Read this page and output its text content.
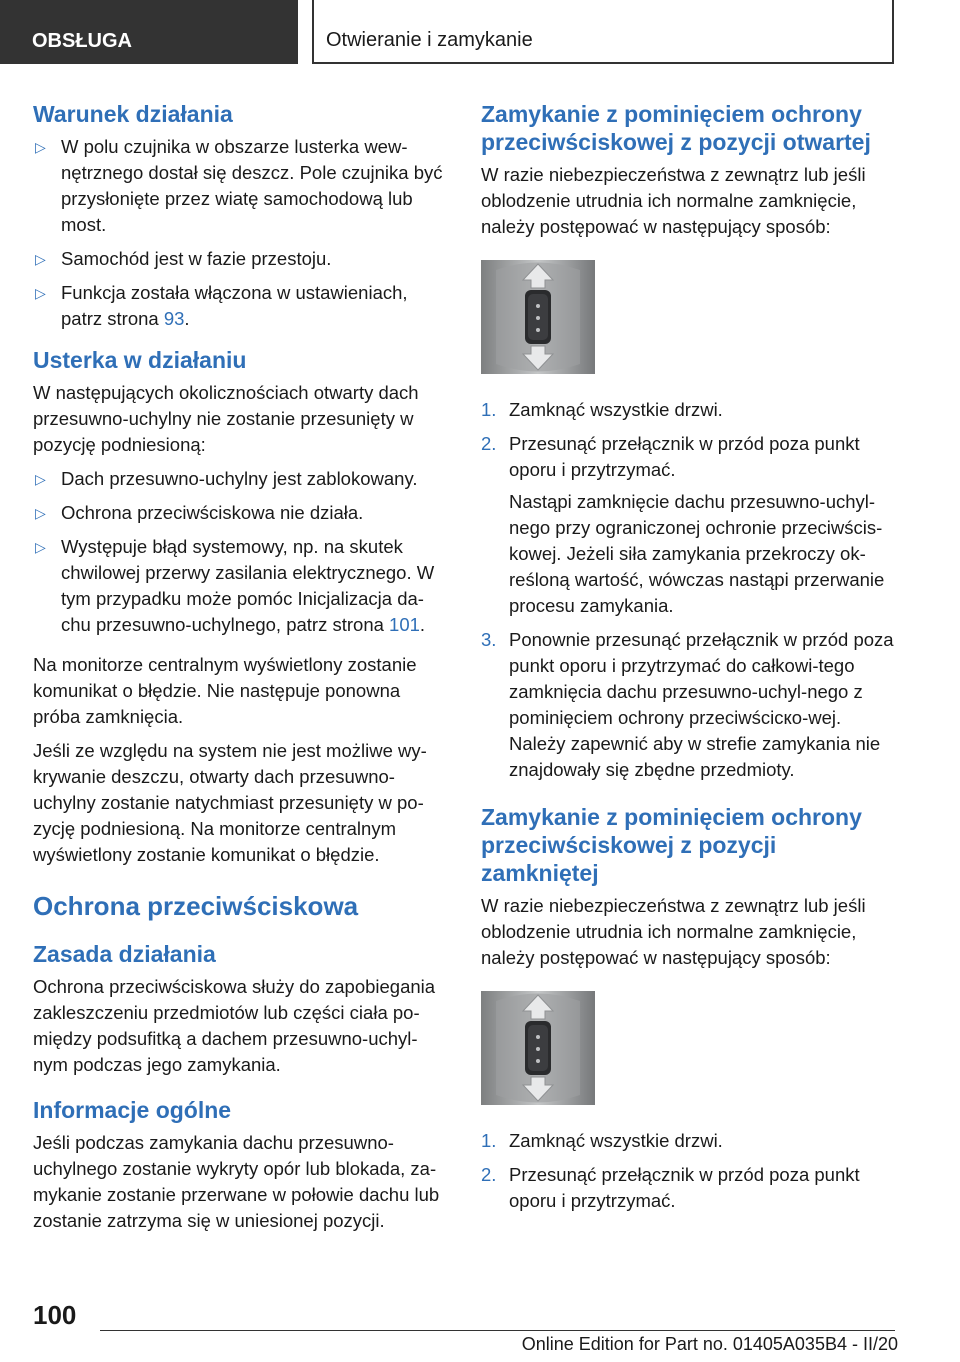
OBSŁUGA	Otwieranie i zamykanie
Warunek działania
▷ W polu czujnika w obszarze lusterka wew-nętrznego dostał się deszcz. Pole czujnika być przysłonięte przez wiatę samochodową lub most.
▷ Samochód jest w fazie przestoju.
▷ Funkcja została włączona w ustawieniach, patrz strona 93.
Usterka w działaniu

W następujących okolicznościach otwarty dach przesuwno-uchylny nie zostanie przesunięty w pozycję podniesioną:

▷ Dach przesuwno-uchylny jest zablokowany.
▷ Ochrona przeciwściskowa nie działa.
▷ Występuje błąd systemowy, np. na skutek chwilowej przerwy zasilania elektrycznego. W tym przypadku może pomóc Inicjalizacja da-chu przesuwno-uchylnego, patrz strona 101.

Na monitorze centralnym wyświetlony zostanie komunikat o błędzie. Nie następuje ponowna próba zamknięcia.

Jeśli ze względu na system nie jest możliwe wy-krywanie deszczu, otwarty dach przesuwno-uchylny zostanie natychmiast przesunięty w po-zycję podniesioną. Na monitorze centralnym wyświetlony zostanie komunikat o błędzie.

Ochrona przeciwściskowa
Zasada działania

Ochrona przeciwściskowa służy do zapobiegania zakleszczeniu przedmiotów lub części ciała po-między podsufitką a dachem przesuwno-uchyl-nym podczas jego zamykania.

Informacje ogólne

Jeśli podczas zamykania dachu przesuwno-uchylnego zostanie wykryty opór lub blokada, za-mykanie zostanie przerwane w połowie dachu lub zostanie zatrzyma się w uniesionej pozycji.

Zamykanie z pominięciem ochrony przeciwściskowej z pozycji otwartej

W razie niebezpieczeństwa z zewnątrz lub jeśli oblodzenie utrudnia ich normalne zamknięcie, należy postępować w następujący sposób:

1. Zamknąć wszystkie drzwi.
2. Przesunąć przełącznik w przód poza punkt oporu i przytrzymać.
Nastąpi zamknięcie dachu przesuwno-uchyl-nego przy ograniczonej ochronie przeciwścis-kowej. Jeżeli siła zamykania przekroczy ok-reśloną wartość, wówczas nastąpi przerwanie procesu zamykania.
3. Ponownie przesunąć przełącznik w przód poza punkt oporu i przytrzymać do całkowi-tego zamknięcia dachu przesuwno-uchyl-nego z pominięciem ochrony przeciwściско-wej. Należy zapewnić aby w strefie zamykania nie znajdowały się zbędne przedmioty.
Zamykanie z pominięciem ochrony przeciwściskowej z pozycji zamkniętej

W razie niebezpieczeństwa z zewnątrz lub jeśli oblodzenie utrudnia ich normalne zamknięcie, należy postępować w następujący sposób:

1. Zamknąć wszystkie drzwi.
2. Przesunąć przełącznik w przód poza punkt oporu i przytrzymać.
100
Online Edition for Part no. 01405A035B4 - II/20
